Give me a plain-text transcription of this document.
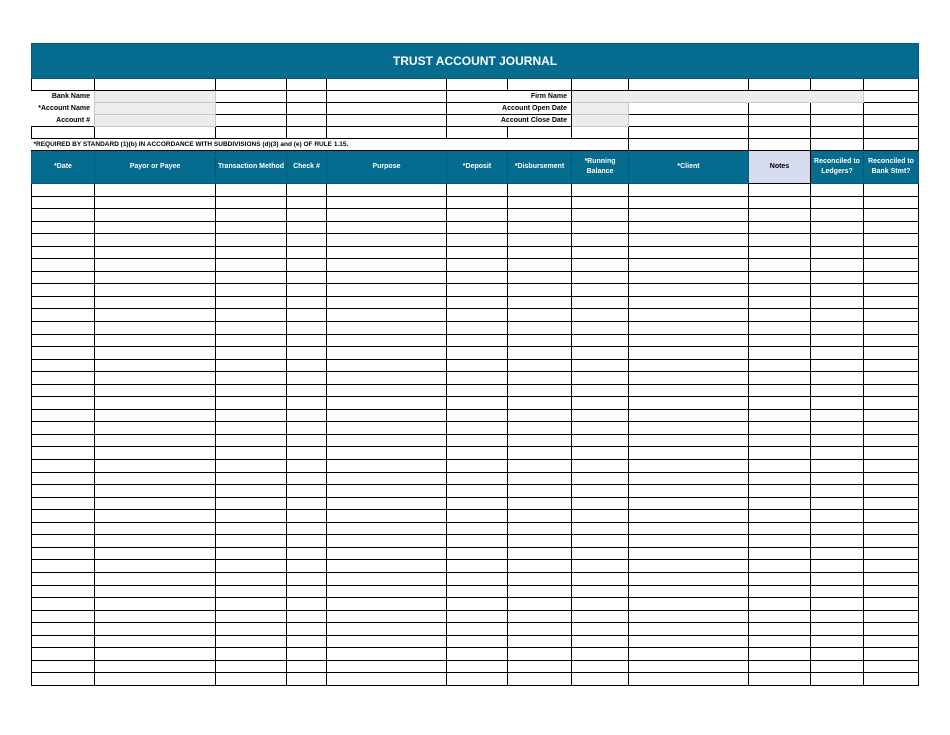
TRUST ACCOUNT JOURNAL											

Bank Name					Firm Name						
*Account Name					Account Open Date						
Account #					Account Close Date						

*REQUIRED BY STANDARD (1)(b) IN ACCORDANCE WITH SUBDIVISIONS (d)(3) and (e) OF RULE 1.15.											
*Date	Payor or Payee	Transaction Method	Check #	Purpose	*Deposit	*Disbursement	*Running Balance	*Client	Notes	Reconciled to Ledgers?	Reconciled to Bank Stmt?
